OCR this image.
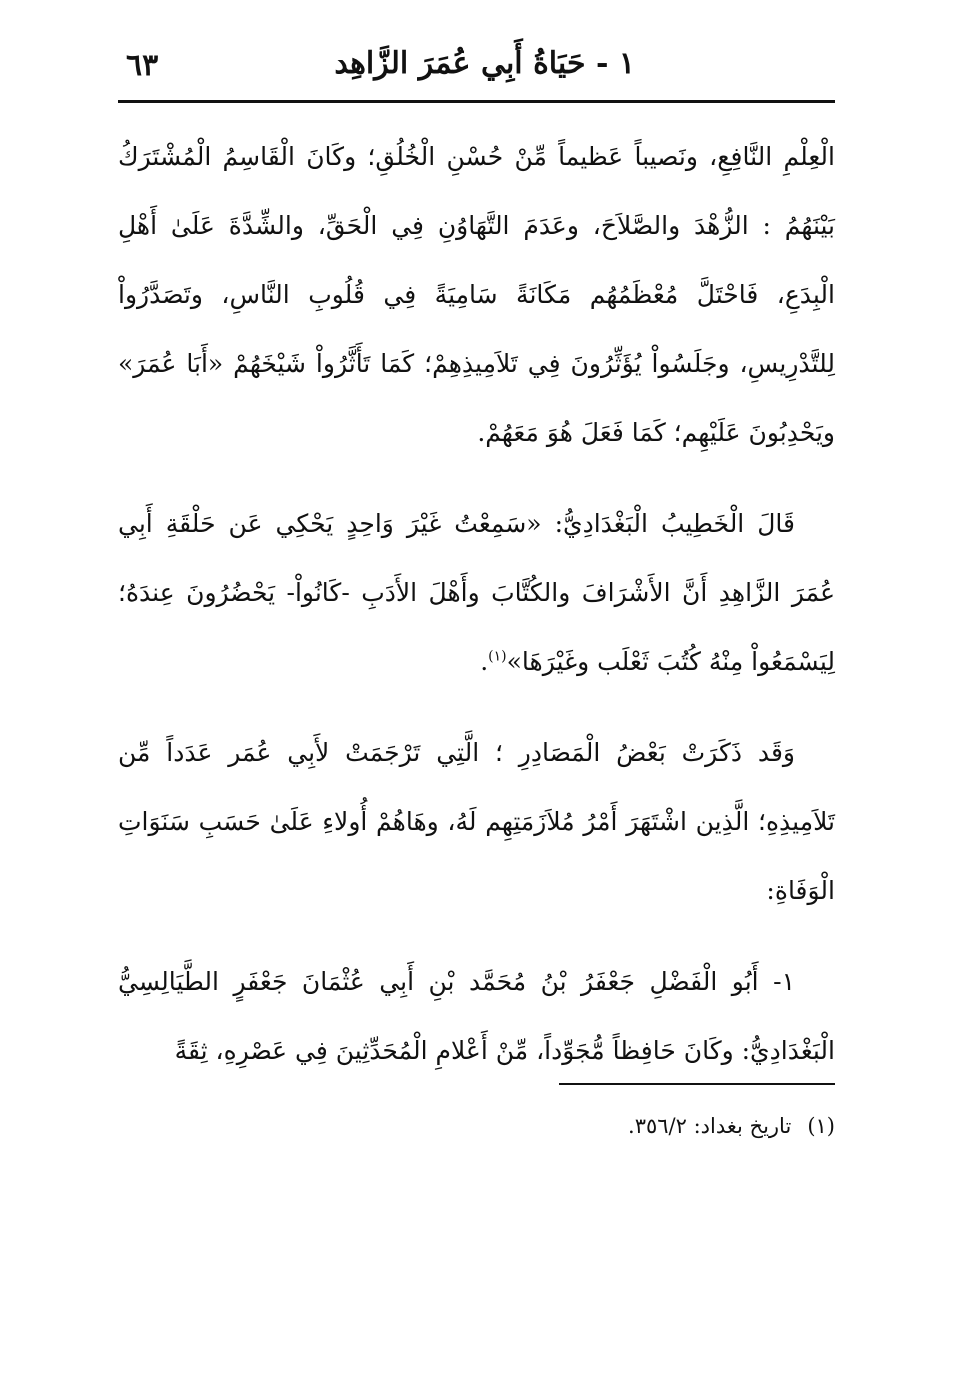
١ - حَيَاةُ أَبِي عُمَرَ الزَّاهِد
٦٣

الْعِلْمِ النَّافِعِ، ونَصيباً عَظيماً مِّنْ حُسْنِ الْخُلُقِ؛ وكَانَ الْقَاسِمُ الْمُشْتَرَكُ بَيْنَهُمُ : الزُّهْدَ والصَّلاَحَ، وعَدَمَ التَّهَاوُنِ فِي الْحَقِّ، والشِّدَّةَ عَلَىٰ أَهْلِ الْبِدَعِ، فَاحْتَلَّ مُعْظَمُهُم مَكَانَةً سَامِيَةً فِي قُلُوبِ النَّاسِ، وتَصَدَّرُواْ لِلتَّدْرِيسِ، وجَلَسُواْ يُؤَثِّرُونَ فِي تَلاَمِيذِهِمْ؛ كَمَا تَأَثَّرُواْ شَيْخَهُمْ «أَبَا عُمَرَ» ويَحْدِبُونَ عَلَيْهِم؛ كَمَا فَعَلَ هُوَ مَعَهُمْ.

قَالَ الْخَطِيبُ الْبَغْدَادِيُّ: «سَمِعْتُ غَيْرَ وَاحِدٍ يَحْكِي عَن حَلْقَةِ أَبِي عُمَرَ الزَّاهِدِ أَنَّ الأَشْرَافَ والكُتَّابَ وأَهْلَ الأَدَبِ -كَانُواْ- يَحْضُرُونَ عِندَهُ؛ لِيَسْمَعُواْ مِنْهُ كُتُبَ ثَعْلَب وغَيْرَهَا»$^{(١)}$.

وَقَد ذَكَرَتْ بَعْضُ الْمَصَادِرِ ؛ الَّتِي تَرْجَمَتْ لأَبِي عُمَر عَدَداً مِّن تَلاَمِيذِهِ؛ الَّذِين اشْتَهَرَ أَمْرُ مُلاَزَمَتِهِم لَهُ، وهَاهُمْ أُولاءِ عَلَىٰ حَسَبِ سَنَوَاتِ الْوَفَاةِ:

١- أَبُو الْفَضْلِ جَعْفَرُ بْنُ مُحَمَّد بْنِ أَبِي عُثْمَانَ جَعْفَرٍ الطَّيَالِسِيُّ الْبَغْدَادِيُّ: وكَانَ حَافِظاً مُّجَوِّداً، مِّنْ أَعْلامِ الْمُحَدِّثِينَ فِي عَصْرِهِ، ثِقَةً

(١)تاريخ بغداد: ٣٥٦/٢.
